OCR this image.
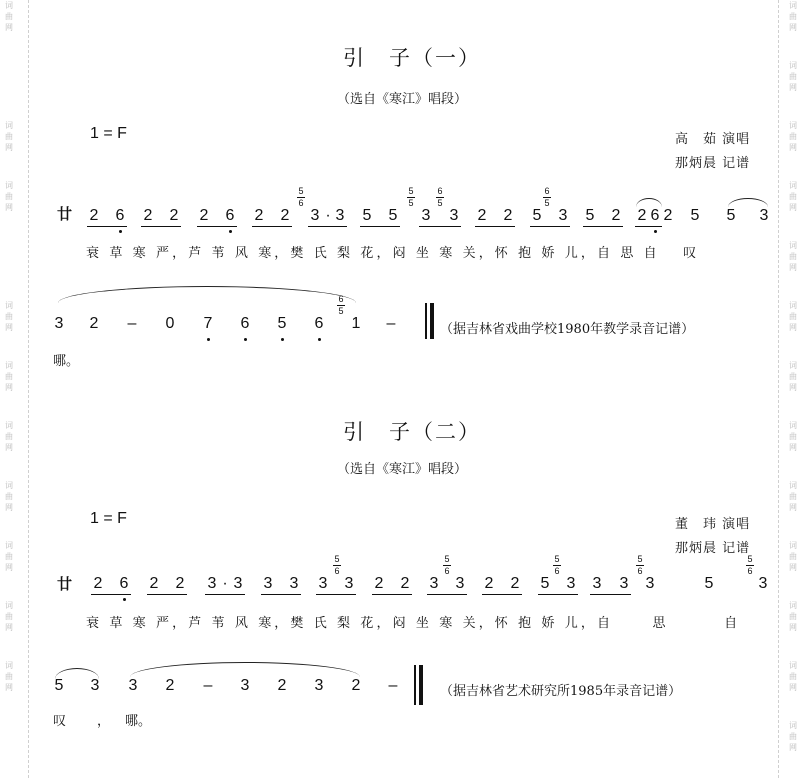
词曲网
词曲网
词曲网
词曲网
词曲网
词曲网
词曲网
词曲网
词曲网
词曲网
词曲网
词曲网
词曲网
词曲网
词曲网
词曲网
词曲网
词曲网
词曲网
词曲网
词曲网
词曲网
词曲网
引　子（一）
（选自《寒江》唱段）
1 = F	高　茹 演唱
那炳晨 记谱
廿
衰 草 寒 严，芦 苇 风 寒，樊 氏 梨 花，闷 坐 寒 关，怀 抱 娇 儿，自 思 自　 叹
（据吉林省戏曲学校1980年教学录音记谱）
哪。
引　子（二）
（选自《寒江》唱段）
1 = F	董　玮 演唱
那炳晨 记谱
廿
衰 草 寒 严，芦 苇 风 寒，樊 氏 梨 花，闷 坐 寒 关，怀 抱 娇 儿，自　　 思　　　 自
（据吉林省艺术研究所1985年录音记谱）
叹 ， 哪。
2 6 2 2 2 6 2 2 3 · 3 5 5 3 3 2 2 5 3 5 2 2 6 2 5 5 3
5
6
5
5
6
5
6
5
3 2 – 0 7 6 5 6 1 –
6
5
2 6 2 2 3 · 3 3 3 3 3 2 2 3 3 2 2 5 3 3 3 3	5	3
5
6
5
6
5
6
5
6
5
6
5 3 3 2 – 3 2 3 2 –
